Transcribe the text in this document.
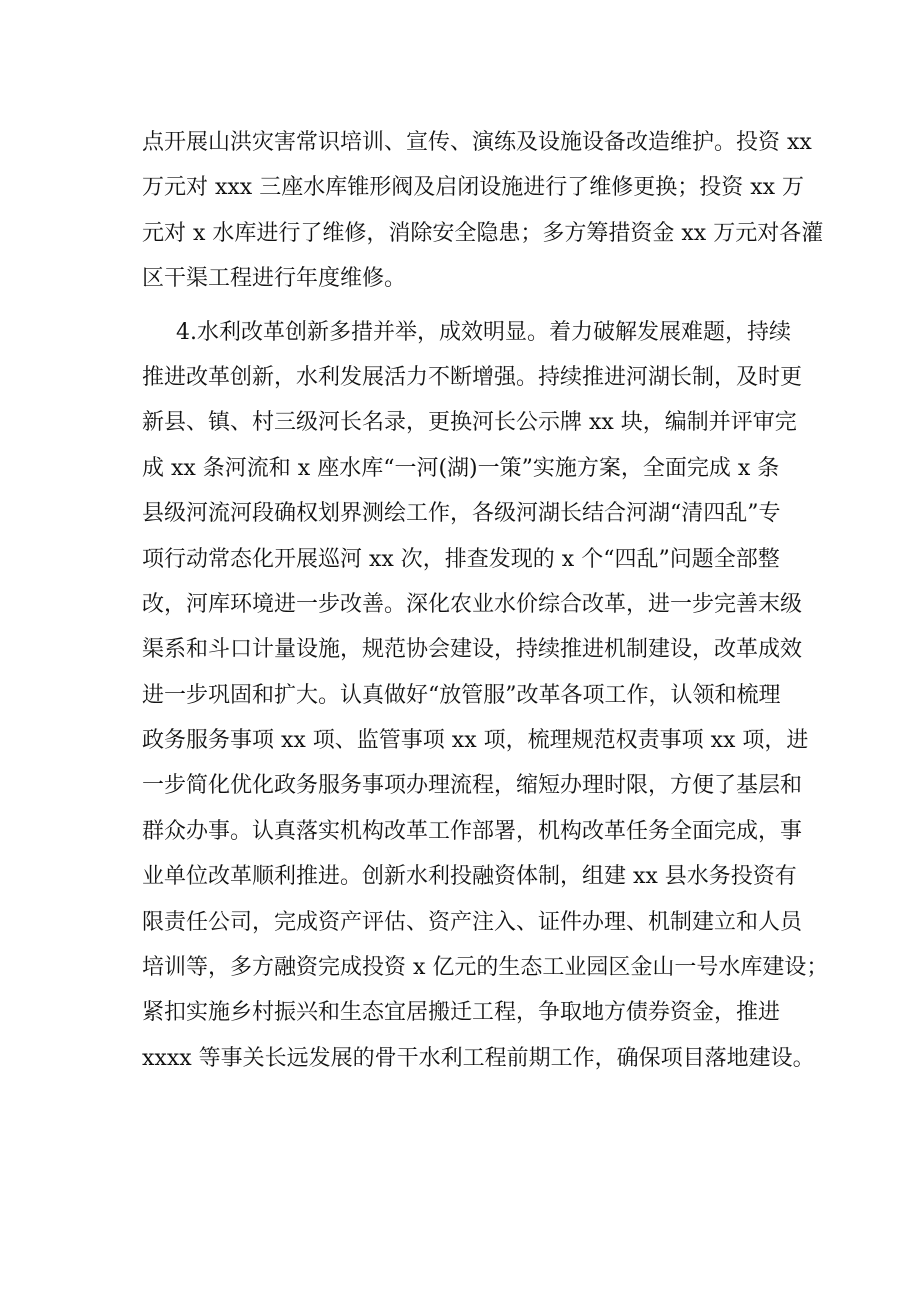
点开展山洪灾害常识培训、宣传、演练及设施设备改造维护。投资 xx
万元对 xxx 三座水库锥形阀及启闭设施进行了维修更换；投资 xx 万
元对 x 水库进行了维修，消除安全隐患；多方筹措资金 xx 万元对各灌
区干渠工程进行年度维修。
4.水利改革创新多措并举，成效明显。着力破解发展难题，持续
推进改革创新，水利发展活力不断增强。持续推进河湖长制，及时更
新县、镇、村三级河长名录，更换河长公示牌 xx 块，编制并评审完
成 xx 条河流和 x 座水库“一河(湖)一策”实施方案，全面完成 x 条
县级河流河段确权划界测绘工作，各级河湖长结合河湖“清四乱”专
项行动常态化开展巡河 xx 次，排查发现的 x 个“四乱”问题全部整
改，河库环境进一步改善。深化农业水价综合改革，进一步完善末级
渠系和斗口计量设施，规范协会建设，持续推进机制建设，改革成效
进一步巩固和扩大。认真做好“放管服”改革各项工作，认领和梳理
政务服务事项 xx 项、监管事项 xx 项，梳理规范权责事项 xx 项，进
一步简化优化政务服务事项办理流程，缩短办理时限，方便了基层和
群众办事。认真落实机构改革工作部署，机构改革任务全面完成，事
业单位改革顺利推进。创新水利投融资体制，组建 xx 县水务投资有
限责任公司，完成资产评估、资产注入、证件办理、机制建立和人员
培训等，多方融资完成投资 x 亿元的生态工业园区金山一号水库建设；
紧扣实施乡村振兴和生态宜居搬迁工程，争取地方债券资金，推进
xxxx 等事关长远发展的骨干水利工程前期工作，确保项目落地建设。
